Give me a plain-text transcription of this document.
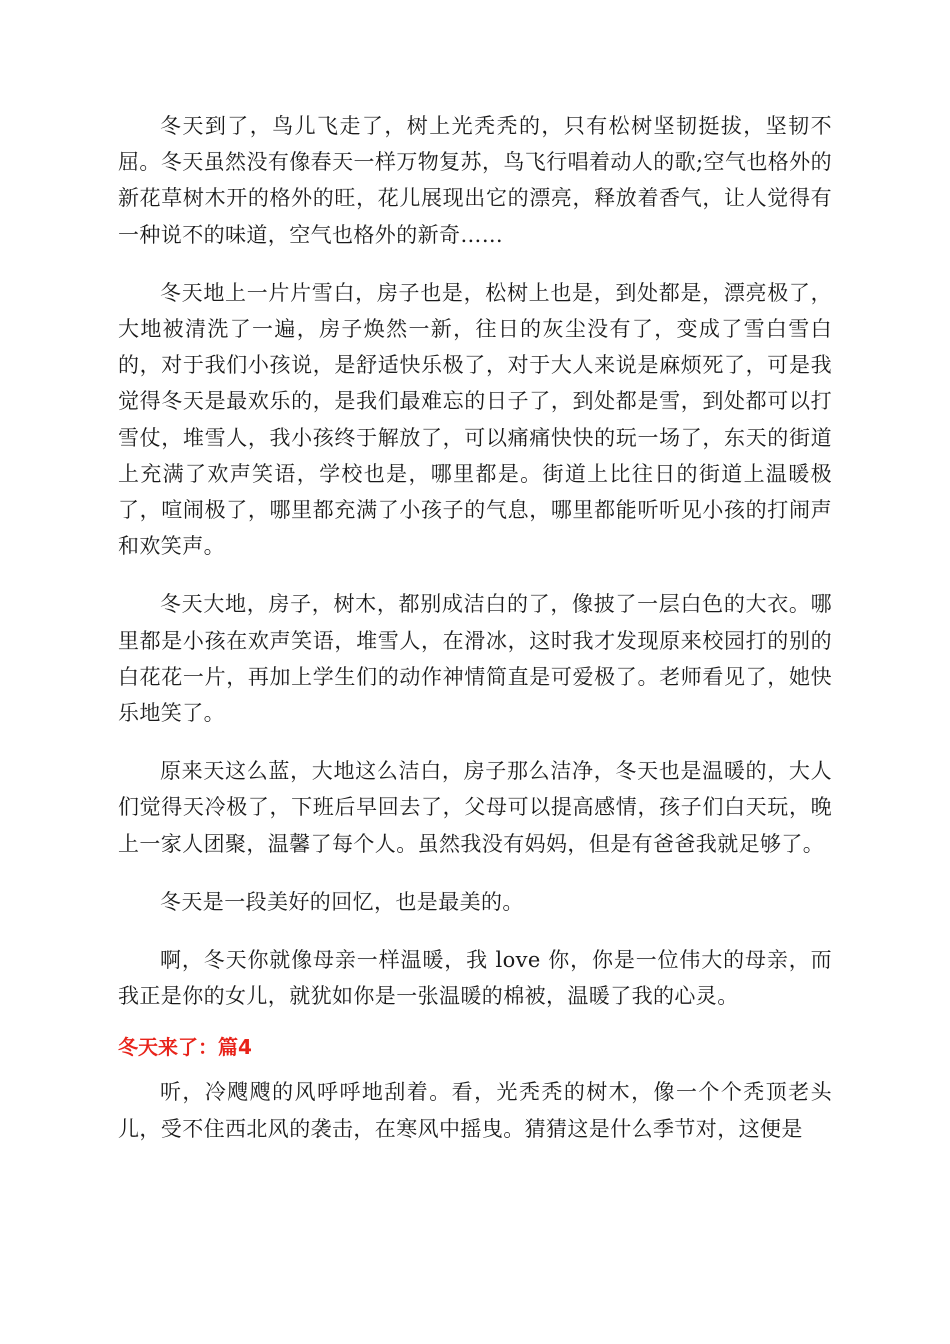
冬天到了，鸟儿飞走了，树上光秃秃的，只有松树坚韧挺拔，坚韧不屈。冬天虽然没有像春天一样万物复苏，鸟飞行唱着动人的歌;空气也格外的新花草树木开的格外的旺，花儿展现出它的漂亮，释放着香气，让人觉得有一种说不的味道，空气也格外的新奇……

冬天地上一片片雪白，房子也是，松树上也是，到处都是，漂亮极了，大地被清洗了一遍，房子焕然一新，往日的灰尘没有了，变成了雪白雪白的，对于我们小孩说，是舒适快乐极了，对于大人来说是麻烦死了，可是我觉得冬天是最欢乐的，是我们最难忘的日子了，到处都是雪，到处都可以打雪仗，堆雪人，我小孩终于解放了，可以痛痛快快的玩一场了，东天的街道上充满了欢声笑语，学校也是，哪里都是。街道上比往日的街道上温暖极了，喧闹极了，哪里都充满了小孩子的气息，哪里都能听听见小孩的打闹声和欢笑声。

冬天大地，房子，树木，都别成洁白的了，像披了一层白色的大衣。哪里都是小孩在欢声笑语，堆雪人，在滑冰，这时我才发现原来校园打的别的白花花一片，再加上学生们的动作神情简直是可爱极了。老师看见了，她快乐地笑了。

原来天这么蓝，大地这么洁白，房子那么洁净，冬天也是温暖的，大人们觉得天冷极了，下班后早回去了，父母可以提高感情，孩子们白天玩，晚上一家人团聚，温馨了每个人。虽然我没有妈妈，但是有爸爸我就足够了。

冬天是一段美好的回忆，也是最美的。

啊，冬天你就像母亲一样温暖，我 love 你，你是一位伟大的母亲，而我正是你的女儿，就犹如你是一张温暖的棉被，温暖了我的心灵。

冬天来了：篇4

听，冷飕飕的风呼呼地刮着。看，光秃秃的树木，像一个个秃顶老头儿，受不住西北风的袭击，在寒风中摇曳。猜猜这是什么季节对，这便是
